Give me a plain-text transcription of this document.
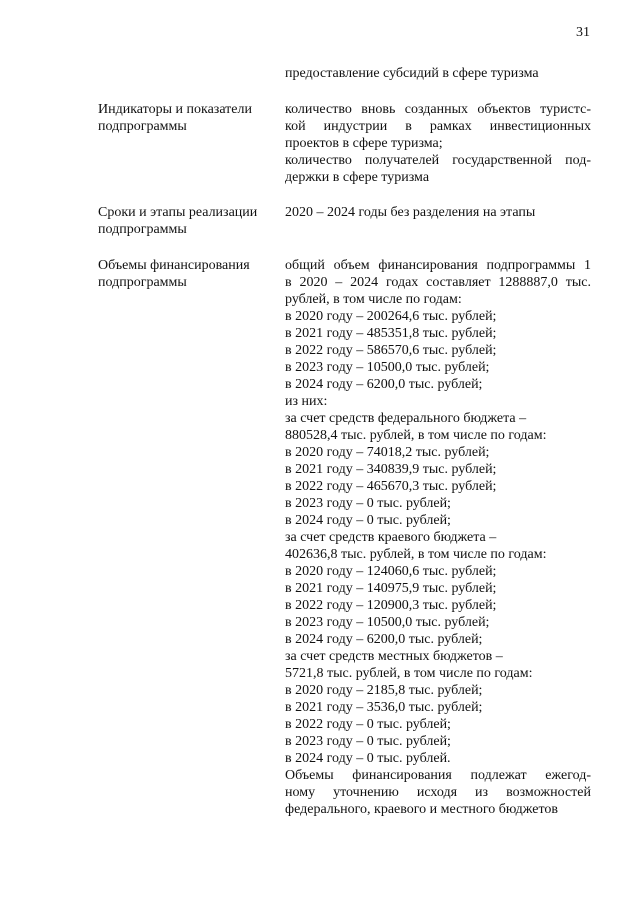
31
предоставление субсидий в сфере туризма
Индикаторы и показатели
подпрограммы
количество вновь созданных объектов туристс-
кой индустрии в рамках инвестиционных
проектов в сфере туризма;
количество получателей государственной под-
держки в сфере туризма
Сроки и этапы реализации
подпрограммы
2020 – 2024 годы без разделения на этапы
Объемы финансирования
подпрограммы
общий объем финансирования подпрограммы 1
в 2020 – 2024 годах составляет 1288887,0 тыс.
рублей, в том числе по годам:
в 2020 году – 200264,6 тыс. рублей;
в 2021 году – 485351,8 тыс. рублей;
в 2022 году – 586570,6 тыс. рублей;
в 2023 году – 10500,0 тыс. рублей;
в 2024 году – 6200,0 тыс. рублей;
из них:
за счет средств федерального бюджета –
880528,4 тыс. рублей, в том числе по годам:
в 2020 году – 74018,2 тыс. рублей;
в 2021 году – 340839,9 тыс. рублей;
в 2022 году – 465670,3 тыс. рублей;
в 2023 году – 0 тыс. рублей;
в 2024 году – 0 тыс. рублей;
за счет средств краевого бюджета –
402636,8 тыс. рублей, в том числе по годам:
в 2020 году – 124060,6 тыс. рублей;
в 2021 году – 140975,9 тыс. рублей;
в 2022 году – 120900,3 тыс. рублей;
в 2023 году – 10500,0 тыс. рублей;
в 2024 году – 6200,0 тыс. рублей;
за счет средств местных бюджетов –
5721,8 тыс. рублей, в том числе по годам:
в 2020 году – 2185,8 тыс. рублей;
в 2021 году – 3536,0 тыс. рублей;
в 2022 году – 0 тыс. рублей;
в 2023 году – 0 тыс. рублей;
в 2024 году – 0 тыс. рублей.
Объемы финансирования подлежат ежегод-
ному уточнению исходя из возможностей
федерального, краевого и местного бюджетов
